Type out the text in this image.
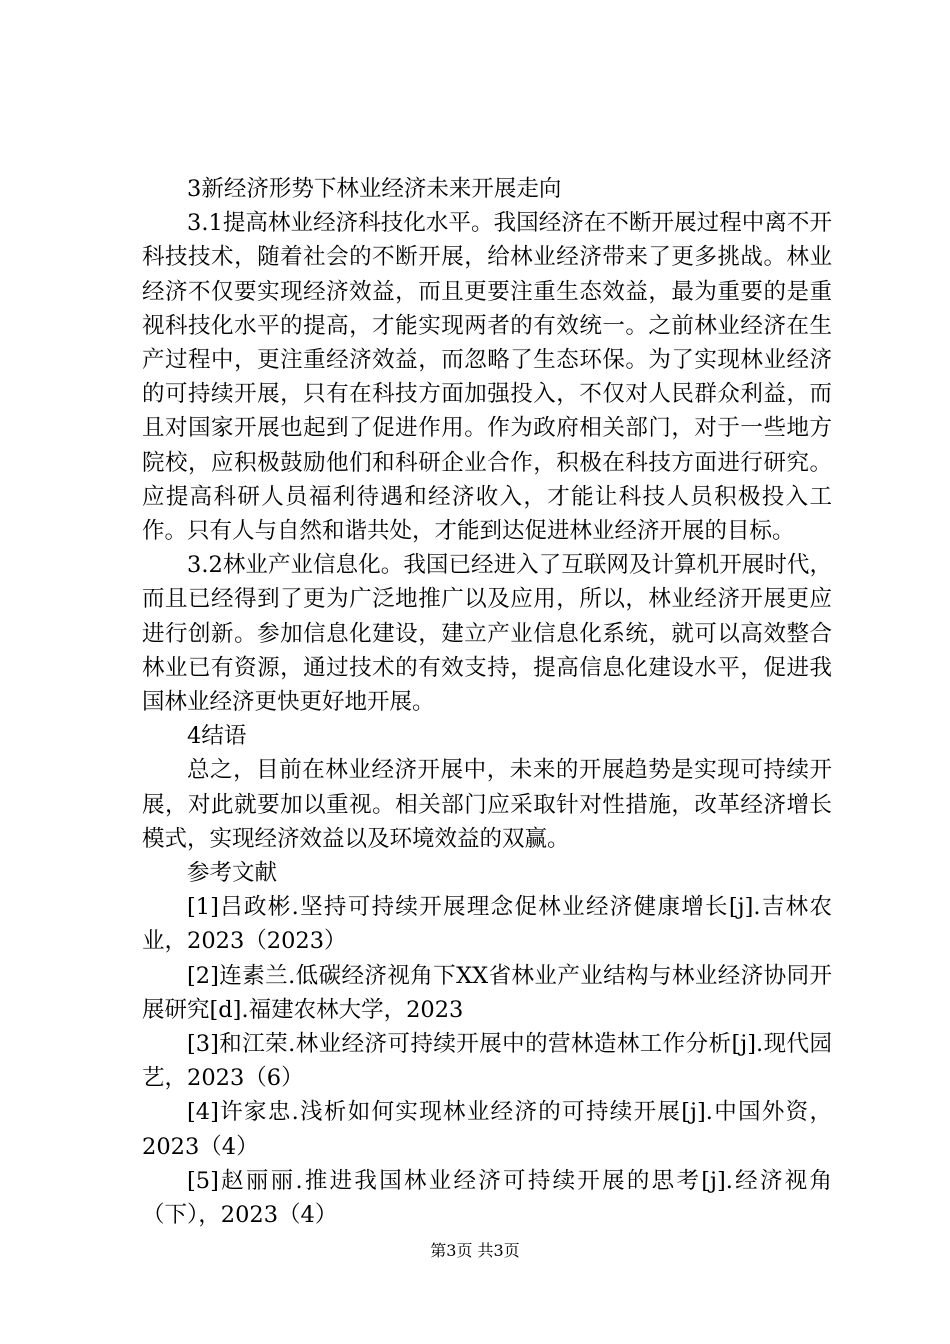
3新经济形势下林业经济未来开展走向

3.1提高林业经济科技化水平。我国经济在不断开展过程中离不开科技技术，随着社会的不断开展，给林业经济带来了更多挑战。林业经济不仅要实现经济效益，而且更要注重生态效益，最为重要的是重视科技化水平的提高，才能实现两者的有效统一。之前林业经济在生产过程中，更注重经济效益，而忽略了生态环保。为了实现林业经济的可持续开展，只有在科技方面加强投入，不仅对人民群众利益，而且对国家开展也起到了促进作用。作为政府相关部门，对于一些地方院校，应积极鼓励他们和科研企业合作，积极在科技方面进行研究。应提高科研人员福利待遇和经济收入，才能让科技人员积极投入工作。只有人与自然和谐共处，才能到达促进林业经济开展的目标。

3.2林业产业信息化。我国已经进入了互联网及计算机开展时代，而且已经得到了更为广泛地推广以及应用，所以，林业经济开展更应进行创新。参加信息化建设，建立产业信息化系统，就可以高效整合林业已有资源，通过技术的有效支持，提高信息化建设水平，促进我国林业经济更快更好地开展。

4结语

总之，目前在林业经济开展中，未来的开展趋势是实现可持续开展，对此就要加以重视。相关部门应采取针对性措施，改革经济增长模式，实现经济效益以及环境效益的双赢。

参考文献

[1]吕政彬.坚持可持续开展理念促林业经济健康增长[j].吉林农业，2023（2023）

[2]连素兰.低碳经济视角下XX省林业产业结构与林业经济协同开展研究[d].福建农林大学，2023

[3]和江荣.林业经济可持续开展中的营林造林工作分析[j].现代园艺，2023（6）

[4]许家忠.浅析如何实现林业经济的可持续开展[j].中国外资，2023（4）

[5]赵丽丽.推进我国林业经济可持续开展的思考[j].经济视角（下），2023（4）

第3页 共3页
